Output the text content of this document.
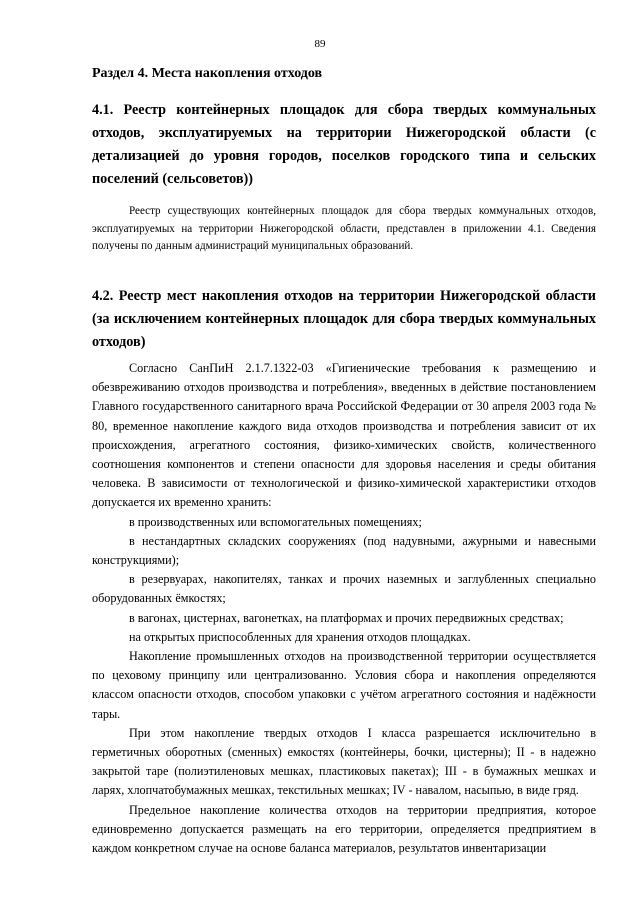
89
Раздел 4. Места накопления отходов
4.1. Реестр контейнерных площадок для сбора твердых коммунальных отходов, эксплуатируемых на территории Нижегородской области (с детализацией до уровня городов, поселков городского типа и сельских поселений (сельсоветов))

Реестр существующих контейнерных площадок для сбора твердых коммунальных отходов, эксплуатируемых на территории Нижегородской области, представлен в приложении 4.1. Сведения получены по данным администраций муниципальных образований.

4.2. Реестр мест накопления отходов на территории Нижегородской области (за исключением контейнерных площадок для сбора твердых коммунальных отходов)

Согласно СанПиН 2.1.7.1322-03 «Гигиенические требования к размещению и обезвреживанию отходов производства и потребления», введенных в действие постановлением Главного государственного санитарного врача Российской Федерации от 30 апреля 2003 года № 80, временное накопление каждого вида отходов производства и потребления зависит от их происхождения, агрегатного состояния, физико-химических свойств, количественного соотношения компонентов и степени опасности для здоровья населения и среды обитания человека. В зависимости от технологической и физико-химической характеристики отходов допускается их временно хранить:

в производственных или вспомогательных помещениях;

в нестандартных складских сооружениях (под надувными, ажурными и навесными конструкциями);

в резервуарах, накопителях, танках и прочих наземных и заглубленных специально оборудованных ёмкостях;

в вагонах, цистернах, вагонетках, на платформах и прочих передвижных средствах;

на открытых приспособленных для хранения отходов площадках.

Накопление промышленных отходов на производственной территории осуществляется по цеховому принципу или централизованно. Условия сбора и накопления определяются классом опасности отходов, способом упаковки с учётом агрегатного состояния и надёжности тары.

При этом накопление твердых отходов I класса разрешается исключительно в герметичных оборотных (сменных) емкостях (контейнеры, бочки, цистерны); II - в надежно закрытой таре (полиэтиленовых мешках, пластиковых пакетах); III - в бумажных мешках и ларях, хлопчатобумажных мешках, текстильных мешках; IV - навалом, насыпью, в виде гряд.

Предельное накопление количества отходов на территории предприятия, которое единовременно допускается размещать на его территории, определяется предприятием в каждом конкретном случае на основе баланса материалов, результатов инвентаризации
